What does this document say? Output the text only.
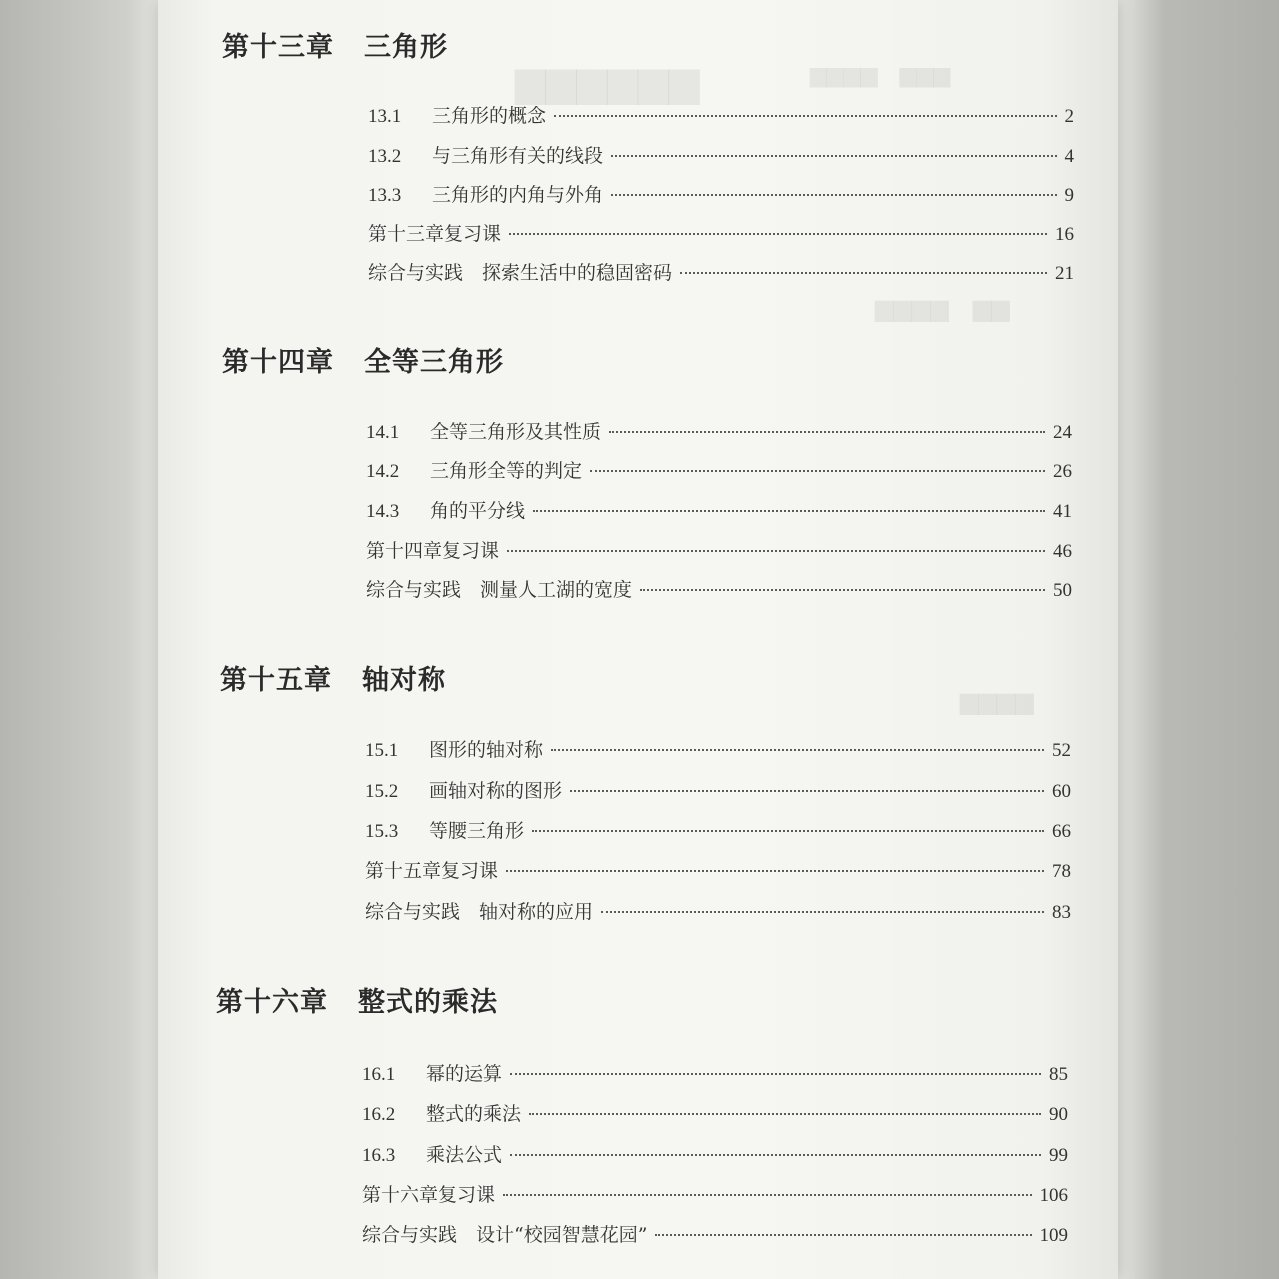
第十三章 三角形
13.1	三角形的概念	2
13.2	与三角形有关的线段	4
13.3	三角形的内角与外角	9
第十三章复习课	16
综合与实践　探索生活中的稳固密码	21
第十四章 全等三角形
14.1	全等三角形及其性质	24
14.2	三角形全等的判定	26
14.3	角的平分线	41
第十四章复习课	46
综合与实践　测量人工湖的宽度	50
第十五章 轴对称
15.1	图形的轴对称	52
15.2	画轴对称的图形	60
15.3	等腰三角形	66
第十五章复习课	78
综合与实践　轴对称的应用	83
第十六章 整式的乘法
16.1	幂的运算	85
16.2	整式的乘法	90
16.3	乘法公式	99
第十六章复习课	106
综合与实践　设计“校园智慧花园”	109
